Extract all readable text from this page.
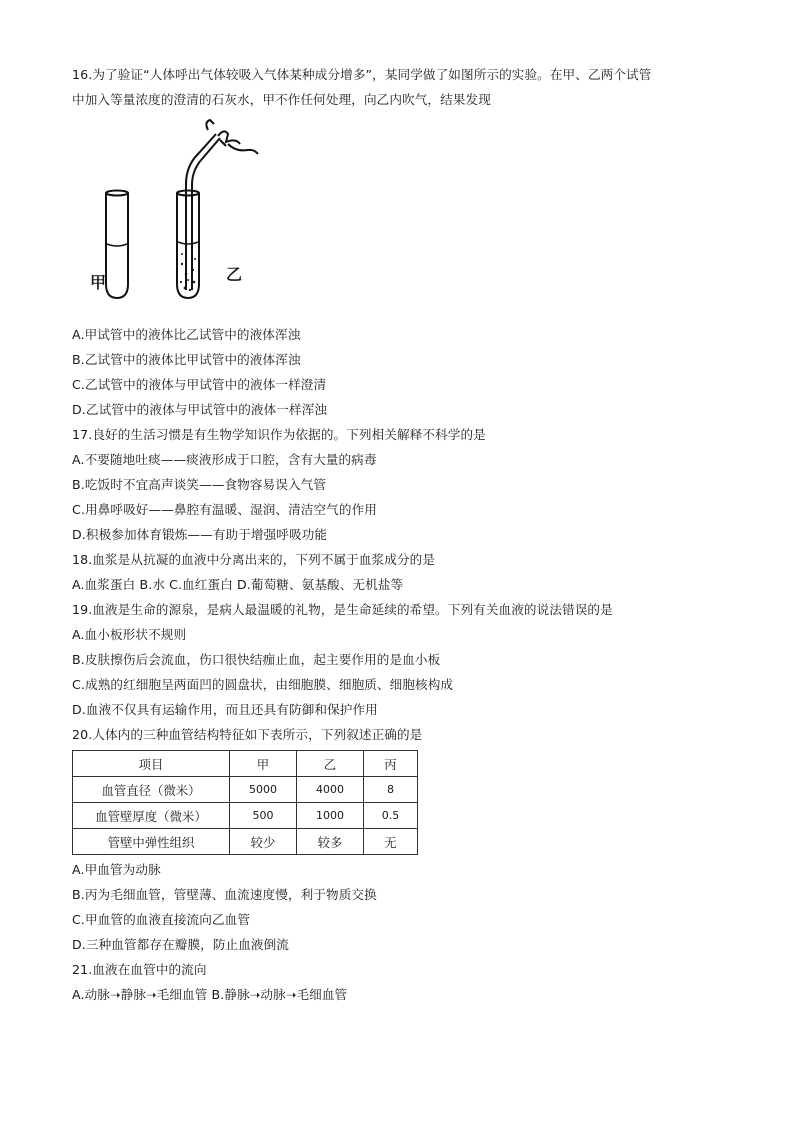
16.为了验证“人体呼出气体较吸入气体某种成分增多”，某同学做了如图所示的实验。在甲、乙两个试管
中加入等量浓度的澄清的石灰水，甲不作任何处理，向乙内吹气，结果发现
甲	乙
A.甲试管中的液体比乙试管中的液体浑浊
B.乙试管中的液体比甲试管中的液体浑浊
C.乙试管中的液体与甲试管中的液体一样澄清
D.乙试管中的液体与甲试管中的液体一样浑浊
17.良好的生活习惯是有生物学知识作为依据的。下列相关解释不科学的是
A.不要随地吐痰——痰液形成于口腔，含有大量的病毒
B.吃饭时不宜高声谈笑——食物容易误入气管
C.用鼻呼吸好——鼻腔有温暖、湿润、清洁空气的作用
D.积极参加体育锻炼——有助于增强呼吸功能
18.血浆是从抗凝的血液中分离出来的，下列不属于血浆成分的是
A.血浆蛋白 B.水 C.血红蛋白 D.葡萄糖、氨基酸、无机盐等
19.血液是生命的源泉，是病人最温暖的礼物，是生命延续的希望。下列有关血液的说法错误的是
A.血小板形状不规则
B.皮肤擦伤后会流血，伤口很快结痂止血，起主要作用的是血小板
C.成熟的红细胞呈两面凹的圆盘状，由细胞膜、细胞质、细胞核构成
D.血液不仅具有运输作用，而且还具有防御和保护作用
20.人体内的三种血管结构特征如下表所示，下列叙述正确的是
项目	甲	乙	丙
血管直径（微米）	5000	4000	8
血管壁厚度（微米）	500	1000	0.5
管壁中弹性组织	较少	较多	无
A.甲血管为动脉
B.丙为毛细血管，管壁薄、血流速度慢，利于物质交换
C.甲血管的血液直接流向乙血管
D.三种血管都存在瓣膜，防止血液倒流
21.血液在血管中的流向
A.动脉➝静脉➝毛细血管 B.静脉➝动脉➝毛细血管
